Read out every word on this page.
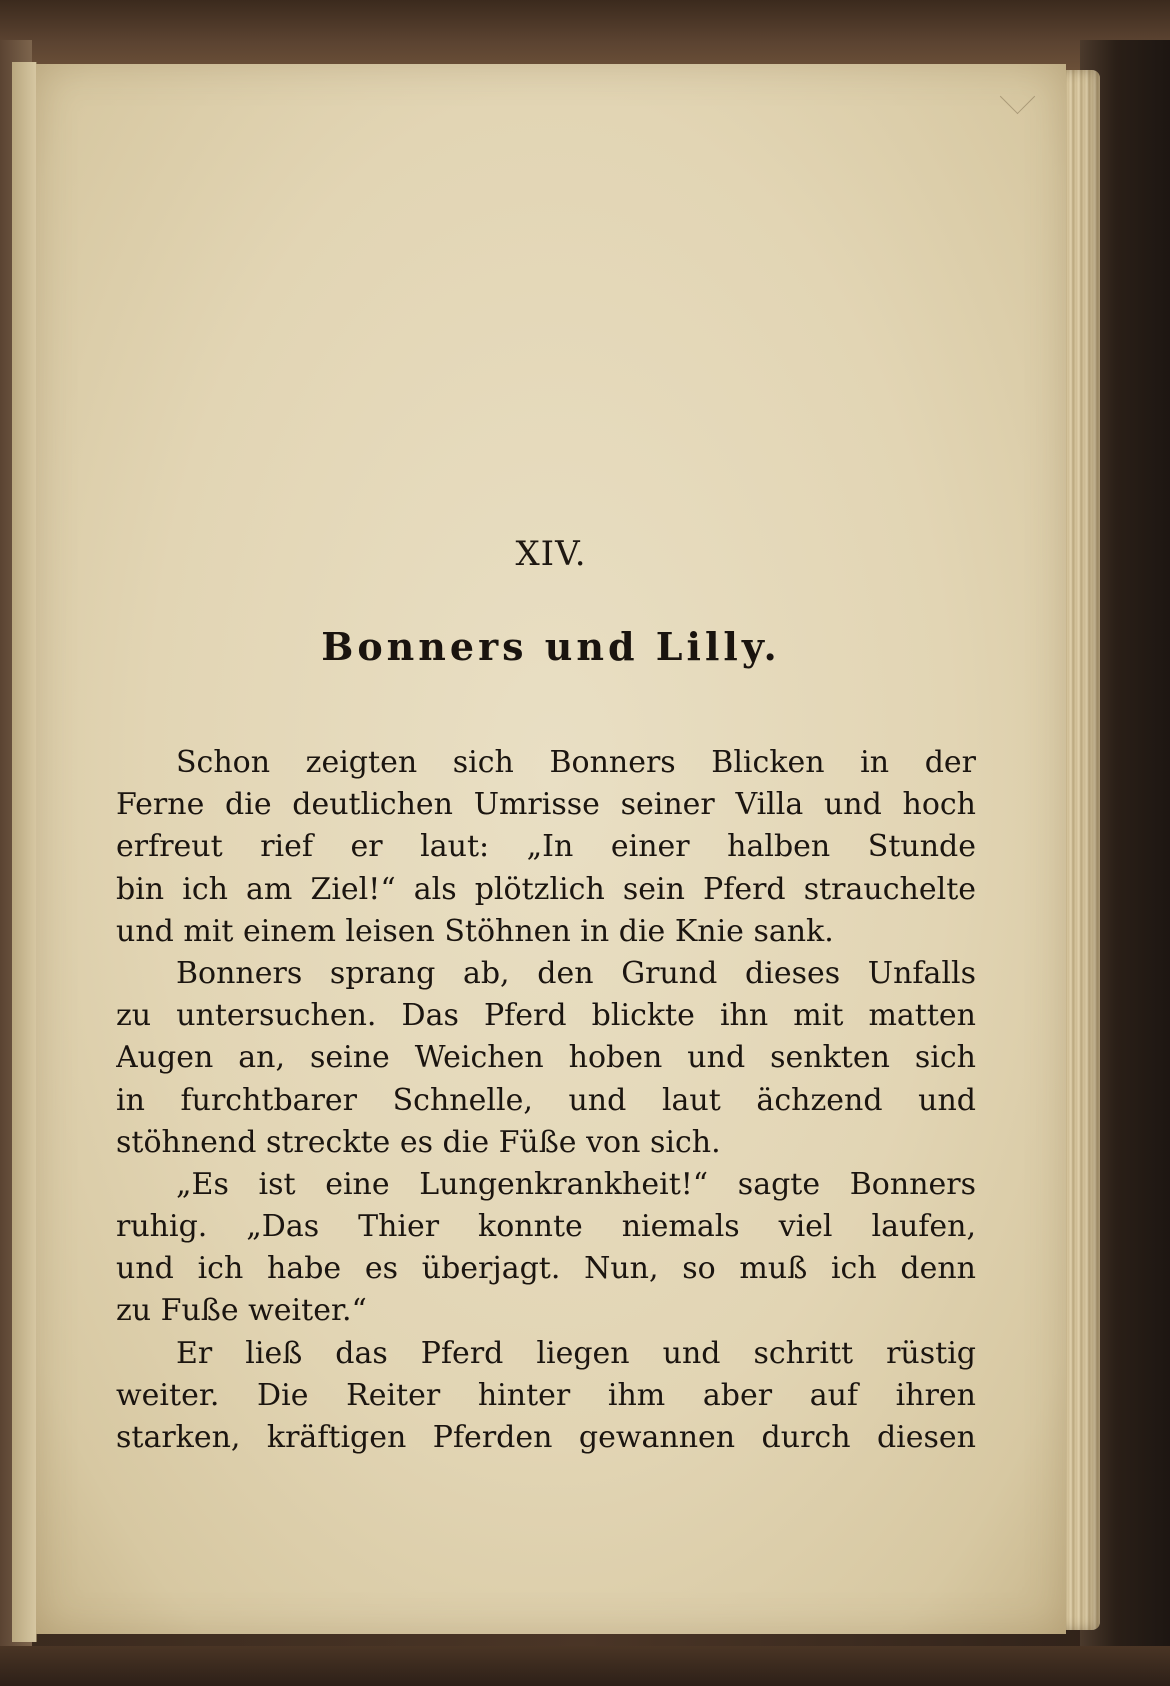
XIV.
Bonners und Lilly.
Schon zeigten sich Bonners Blicken in der
Ferne die deutlichen Umrisse seiner Villa und hoch
erfreut rief er laut: „In einer halben Stunde
bin ich am Ziel!“ als plötzlich sein Pferd strauchelte
und mit einem leisen Stöhnen in die Knie sank.
Bonners sprang ab, den Grund dieses Unfalls
zu untersuchen. Das Pferd blickte ihn mit matten
Augen an, seine Weichen hoben und senkten sich
in furchtbarer Schnelle, und laut ächzend und
stöhnend streckte es die Füße von sich.
„Es ist eine Lungenkrankheit!“ sagte Bonners
ruhig. „Das Thier konnte niemals viel laufen,
und ich habe es überjagt. Nun, so muß ich denn
zu Fuße weiter.“
Er ließ das Pferd liegen und schritt rüstig
weiter. Die Reiter hinter ihm aber auf ihren
starken, kräftigen Pferden gewannen durch diesen
